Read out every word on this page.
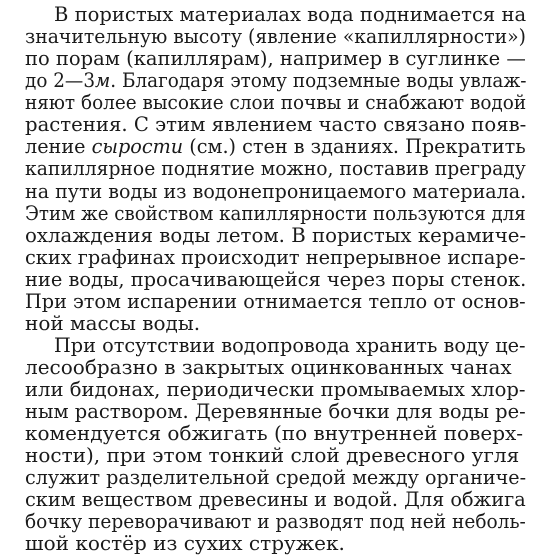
В пористых материалах вода поднимается на
значительную высоту (явление «капиллярности»)
по порам (капиллярам), например в суглинке —
до 2—3м. Благодаря этому подземные воды увлаж-
няют более высокие слои почвы и снабжают водой
растения. С этим явлением часто связано появ-
ление сырости (см.) стен в зданиях. Прекратить
капиллярное поднятие можно, поставив преграду
на пути воды из водонепроницаемого материала.
Этим же свойством капиллярности пользуются для
охлаждения воды летом. В пористых керамиче-
ских графинах происходит непрерывное испаре-
ние воды, просачивающейся через поры стенок.
При этом испарении отнимается тепло от основ-
ной массы воды.
При отсутствии водопровода хранить воду це-
лесообразно в закрытых оцинкованных чанах
или бидонах, периодически промываемых хлор-
ным раствором. Деревянные бочки для воды ре-
комендуется обжигать (по внутренней поверх-
ности), при этом тонкий слой древесного угля
служит разделительной средой между органиче-
ским веществом древесины и водой. Для обжига
бочку переворачивают и разводят под ней неболь-
шой костёр из сухих стружек.
